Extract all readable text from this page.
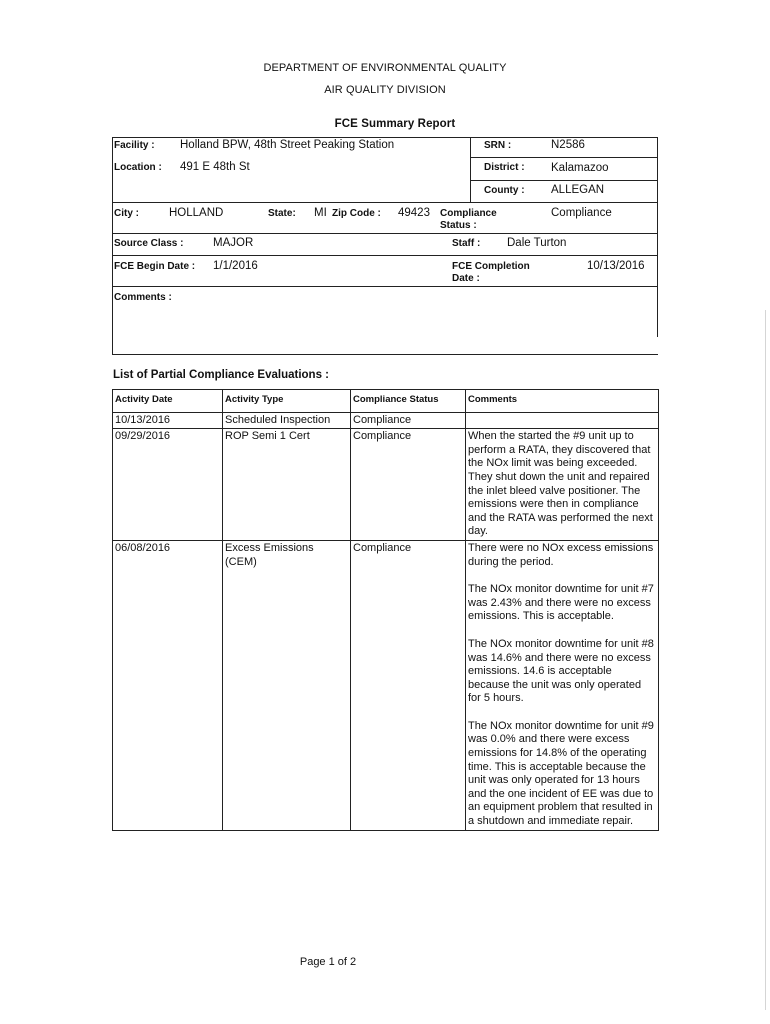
DEPARTMENT OF ENVIRONMENTAL QUALITY
AIR QUALITY DIVISION
FCE Summary Report
Facility : Holland BPW, 48th Street Peaking Station	SRN :	N2586
Location : 491 E 48th St	District : Kalamazoo
County : ALLEGAN
City :	HOLLAND	State: MI Zip Code : 49423 Compliance
Status :
Compliance
Source Class :	MAJOR	Staff : Dale Turton
FCE Begin Date : 1/1/2016	FCE Completion
Date :
10/13/2016
Comments :
List of Partial Compliance Evaluations :
Activity Date	Activity Type	Compliance Status	Comments
10/13/2016	Scheduled Inspection	Compliance	
09/29/2016	ROP Semi 1 Cert	Compliance	When the started the #9 unit up to perform a RATA, they discovered that the NOx limit was being exceeded. They shut down the unit and repaired the inlet bleed valve positioner. The emissions were then in compliance and the RATA was performed the next day.

06/08/2016	Excess Emissions (CEM)	Compliance	There were no NOx excess emissions during the period.

The NOx monitor downtime for unit #7 was 2.43% and there were no excess emissions. This is acceptable.

The NOx monitor downtime for unit #8 was 14.6% and there were no excess emissions. 14.6 is acceptable because the unit was only operated for 5 hours.

The NOx monitor downtime for unit #9 was 0.0% and there were excess emissions for 14.8% of the operating time. This is acceptable because the unit was only operated for 13 hours and the one incident of EE was due to an equipment problem that resulted in a shutdown and immediate repair.

Page 1 of 2
